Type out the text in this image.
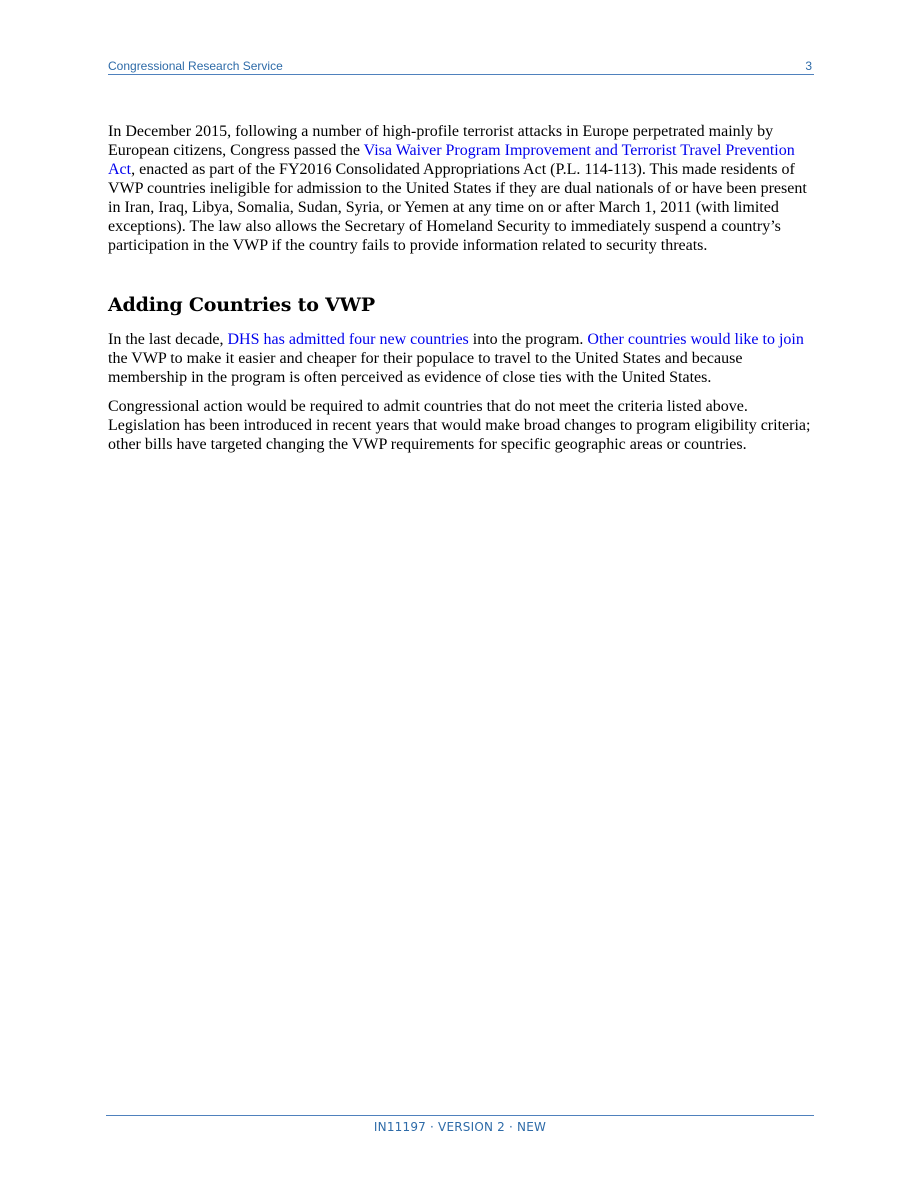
Congressional Research Service	3

In December 2015, following a number of high-profile terrorist attacks in Europe perpetrated mainly by European citizens, Congress passed the Visa Waiver Program Improvement and Terrorist Travel Prevention Act, enacted as part of the FY2016 Consolidated Appropriations Act (P.L. 114-113). This made residents of VWP countries ineligible for admission to the United States if they are dual nationals of or have been present in Iran, Iraq, Libya, Somalia, Sudan, Syria, or Yemen at any time on or after March 1, 2011 (with limited exceptions). The law also allows the Secretary of Homeland Security to immediately suspend a country’s participation in the VWP if the country fails to provide information related to security threats.

Adding Countries to VWP

In the last decade, DHS has admitted four new countries into the program. Other countries would like to join the VWP to make it easier and cheaper for their populace to travel to the United States and because membership in the program is often perceived as evidence of close ties with the United States.

Congressional action would be required to admit countries that do not meet the criteria listed above. Legislation has been introduced in recent years that would make broad changes to program eligibility criteria; other bills have targeted changing the VWP requirements for specific geographic areas or countries.

IN11197 · VERSION 2 · NEW
